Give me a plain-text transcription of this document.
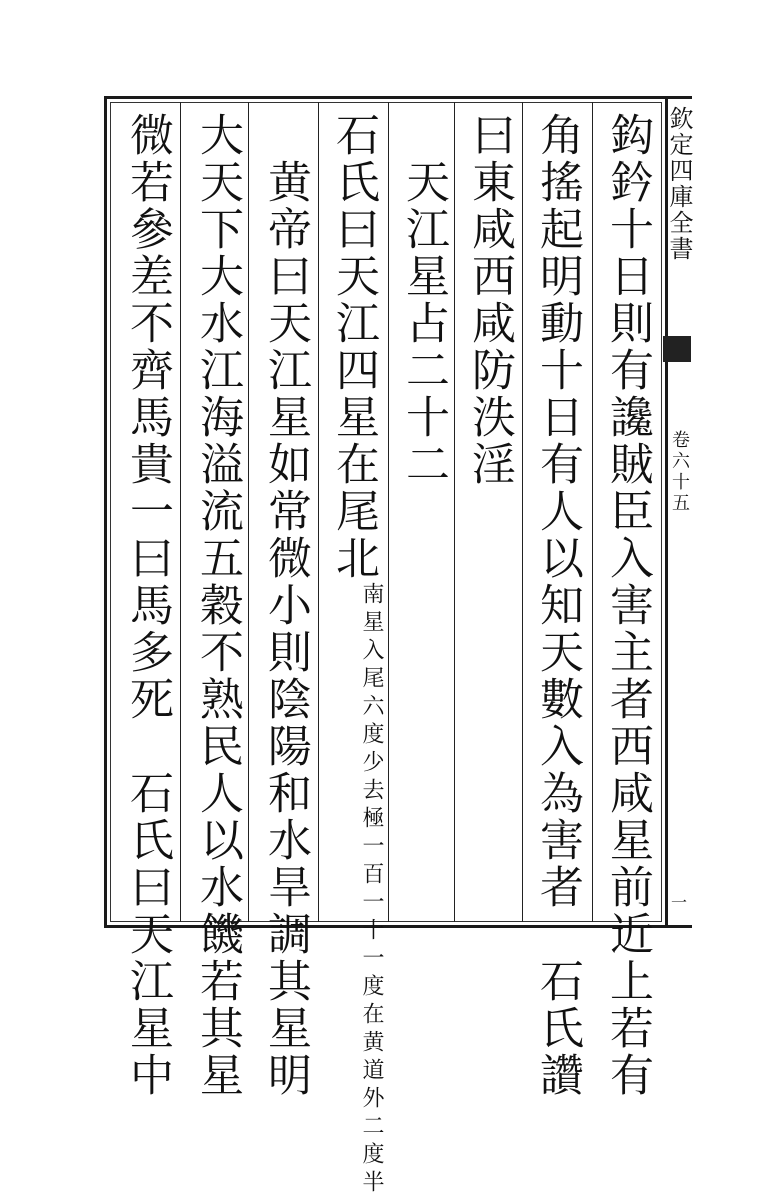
鈎鈐十日則有讒賊臣入害主者西咸星前近上若有
角搖起明動十日有人以知天數入為害者　石氏讚
曰東咸西咸防泆淫
　天江星占二十二
石氏曰天江四星在尾北
南星入尾六度少去極一百
一十一度在黄道外二度半
　黄帝曰天江星如常微小則陰陽和水旱調其星明
大天下大水江海溢流五穀不熟民人以水饑若其星
微若參差不齊馬貴一曰馬多死　石氏曰天江星中	欽定四庫全書
卷六十五
一
